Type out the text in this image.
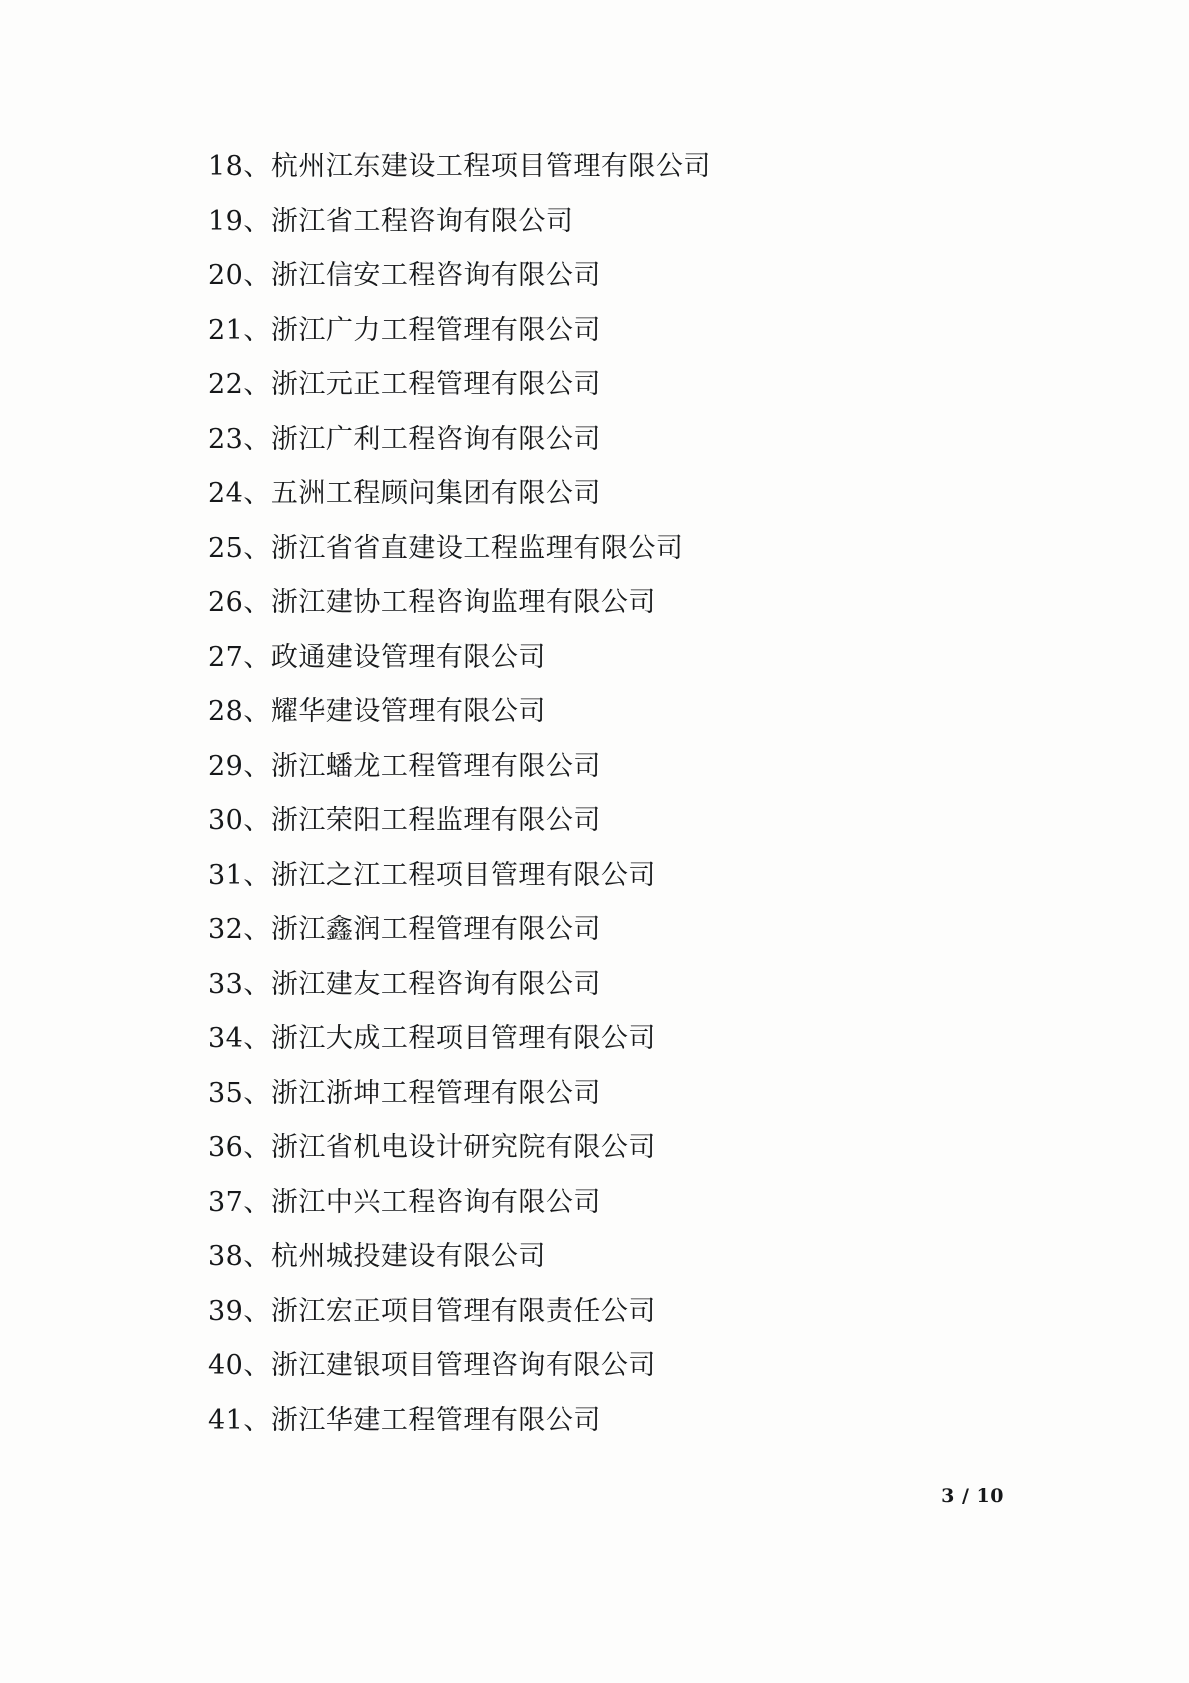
18、杭州江东建设工程项目管理有限公司
19、浙江省工程咨询有限公司
20、浙江信安工程咨询有限公司
21、浙江广力工程管理有限公司
22、浙江元正工程管理有限公司
23、浙江广利工程咨询有限公司
24、五洲工程顾问集团有限公司
25、浙江省省直建设工程监理有限公司
26、浙江建协工程咨询监理有限公司
27、政通建设管理有限公司
28、耀华建设管理有限公司
29、浙江蟠龙工程管理有限公司
30、浙江荣阳工程监理有限公司
31、浙江之江工程项目管理有限公司
32、浙江鑫润工程管理有限公司
33、浙江建友工程咨询有限公司
34、浙江大成工程项目管理有限公司
35、浙江浙坤工程管理有限公司
36、浙江省机电设计研究院有限公司
37、浙江中兴工程咨询有限公司
38、杭州城投建设有限公司
39、浙江宏正项目管理有限责任公司
40、浙江建银项目管理咨询有限公司
41、浙江华建工程管理有限公司
3 / 10
